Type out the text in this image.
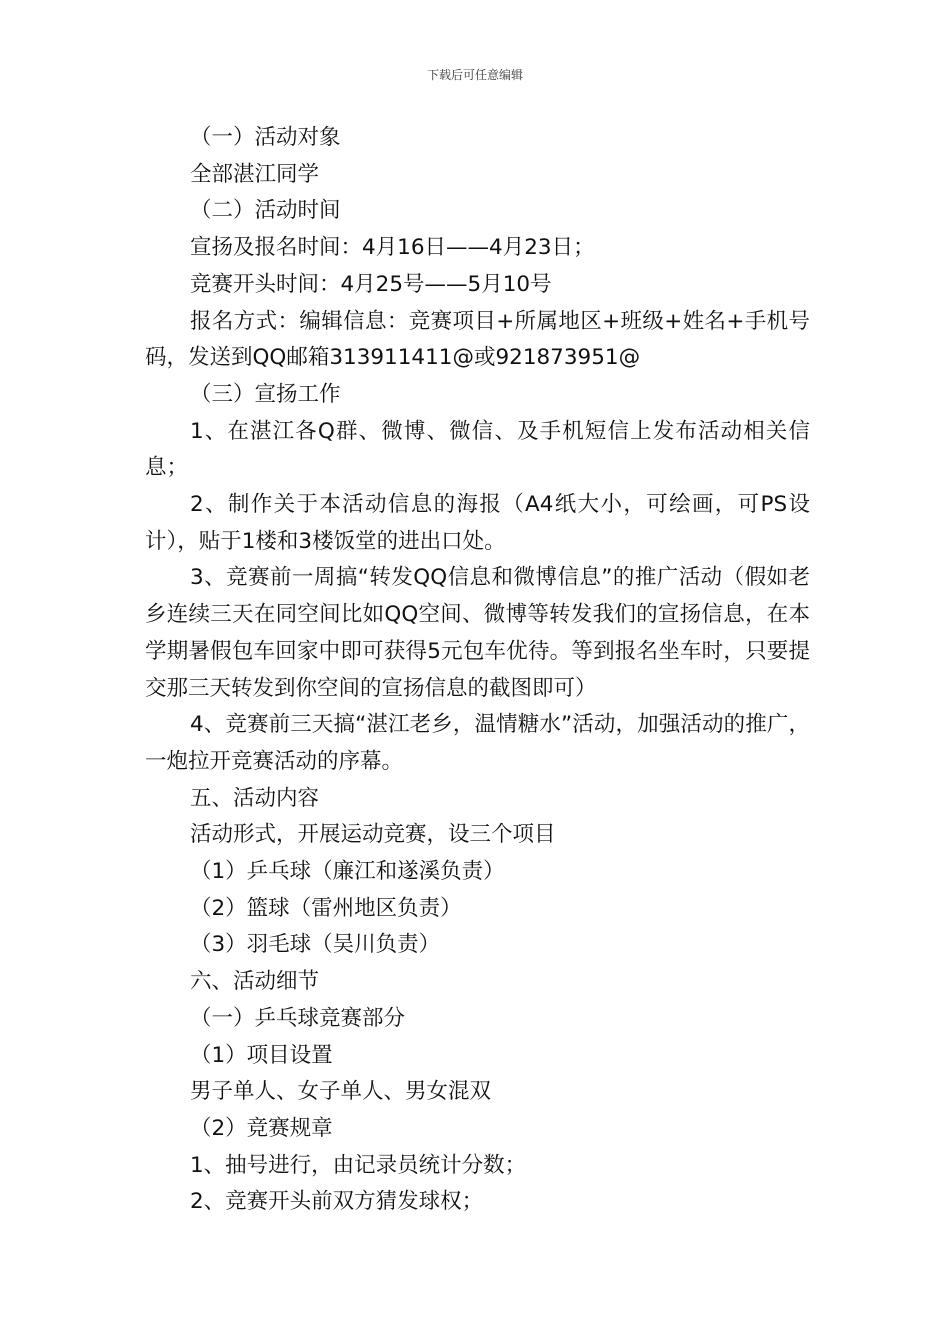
下载后可任意编辑

（一）活动对象

全部湛江同学

（二）活动时间

宣扬及报名时间：4月16日——4月23日；

竞赛开头时间：4月25号——5月10号

报名方式：编辑信息：竞赛项目+所属地区+班级+姓名+手机号码，发送到QQ邮箱313911411@或921873951@

（三）宣扬工作

1、在湛江各Q群、微博、微信、及手机短信上发布活动相关信息；

2、制作关于本活动信息的海报（A4纸大小，可绘画，可PS设计），贴于1楼和3楼饭堂的进出口处。

3、竞赛前一周搞“转发QQ信息和微博信息”的推广活动（假如老乡连续三天在同空间比如QQ空间、微博等转发我们的宣扬信息，在本学期暑假包车回家中即可获得5元包车优待。等到报名坐车时，只要提交那三天转发到你空间的宣扬信息的截图即可）

4、竞赛前三天搞“湛江老乡，温情糖水”活动，加强活动的推广，一炮拉开竞赛活动的序幕。

五、活动内容

活动形式，开展运动竞赛，设三个项目

（1）乒乓球（廉江和遂溪负责）

（2）篮球（雷州地区负责）

（3）羽毛球（吴川负责）

六、活动细节

（一）乒乓球竞赛部分

（1）项目设置

男子单人、女子单人、男女混双

（2）竞赛规章

1、抽号进行，由记录员统计分数；

2、竞赛开头前双方猜发球权；
